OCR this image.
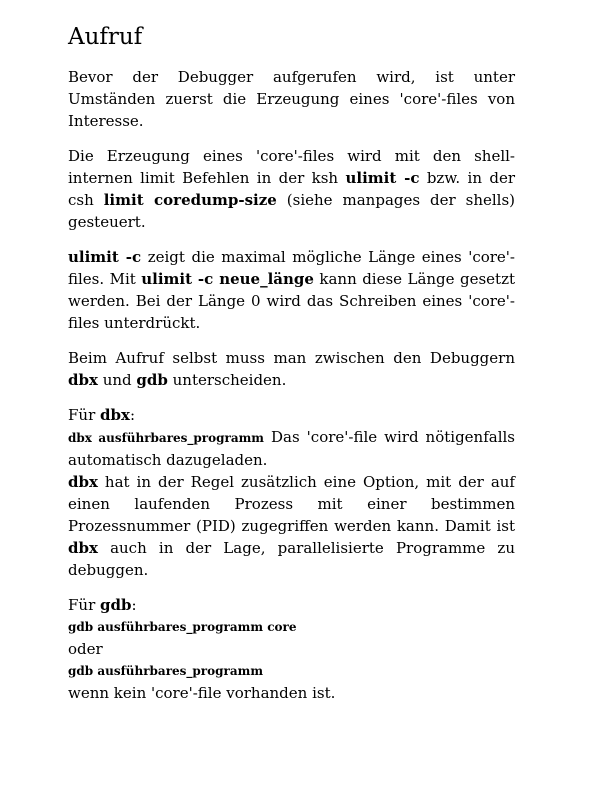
Aufruf

Bevor der Debugger aufgerufen wird, ist unter Umständen zuerst die Erzeugung eines 'core'-files von Interesse.

Die Erzeugung eines 'core'-files wird mit den shell-internen limit Befehlen in der ksh ulimit -c bzw. in der csh limit coredump-size (siehe manpages der shells) gesteuert.

ulimit -c zeigt die maximal mögliche Länge eines 'core'-files. Mit ulimit -c neue_länge kann diese Länge gesetzt werden. Bei der Länge 0 wird das Schreiben eines 'core'-files unterdrückt.

Beim Aufruf selbst muss man zwischen den Debuggern dbx und gdb unterscheiden.

Für dbx:
dbx ausführbares_programm Das 'core'-file wird nötigenfalls automatisch dazugeladen.
dbx hat in der Regel zusätzlich eine Option, mit der auf einen laufenden Prozess mit einer bestimmen Prozessnummer (PID) zugegriffen werden kann. Damit ist dbx auch in der Lage, parallelisierte Programme zu debuggen.

Für gdb:
gdb ausführbares_programm core
oder
gdb ausführbares_programm
wenn kein 'core'-file vorhanden ist.
